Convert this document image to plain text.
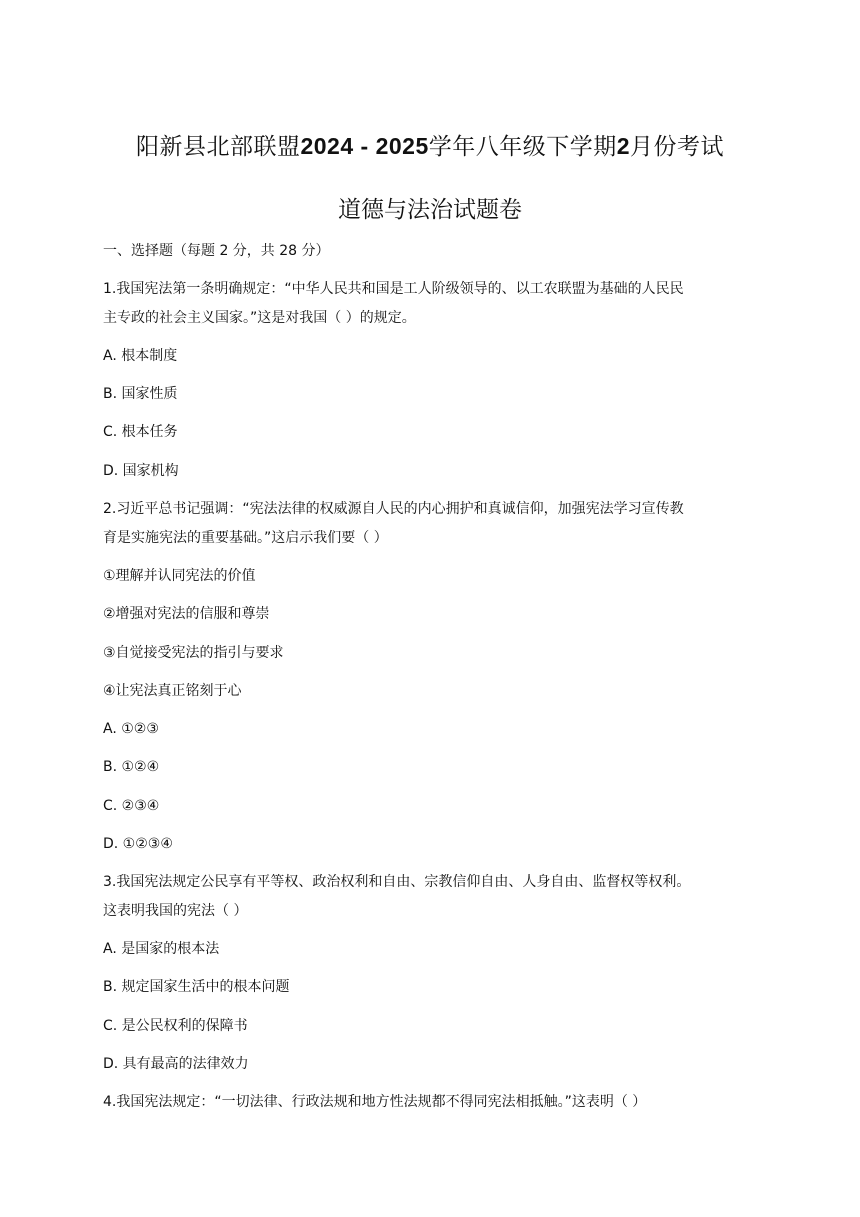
阳新县北部联盟2024 - 2025学年八年级下学期2月份考试
道德与法治试题卷
一、选择题（每题 2 分，共 28 分）
1.我国宪法第一条明确规定：“中华人民共和国是工人阶级领导的、以工农联盟为基础的人民民
主专政的社会主义国家。”这是对我国（ ）的规定。
A. 根本制度
B. 国家性质
C. 根本任务
D. 国家机构
2.习近平总书记强调：“宪法法律的权威源自人民的内心拥护和真诚信仰，加强宪法学习宣传教
育是实施宪法的重要基础。”这启示我们要（ ）
①理解并认同宪法的价值
②增强对宪法的信服和尊崇
③自觉接受宪法的指引与要求
④让宪法真正铭刻于心
A. ①②③
B. ①②④
C. ②③④
D. ①②③④
3.我国宪法规定公民享有平等权、政治权利和自由、宗教信仰自由、人身自由、监督权等权利。
这表明我国的宪法（ ）
A. 是国家的根本法
B. 规定国家生活中的根本问题
C. 是公民权利的保障书
D. 具有最高的法律效力
4.我国宪法规定：“一切法律、行政法规和地方性法规都不得同宪法相抵触。”这表明（ ）
